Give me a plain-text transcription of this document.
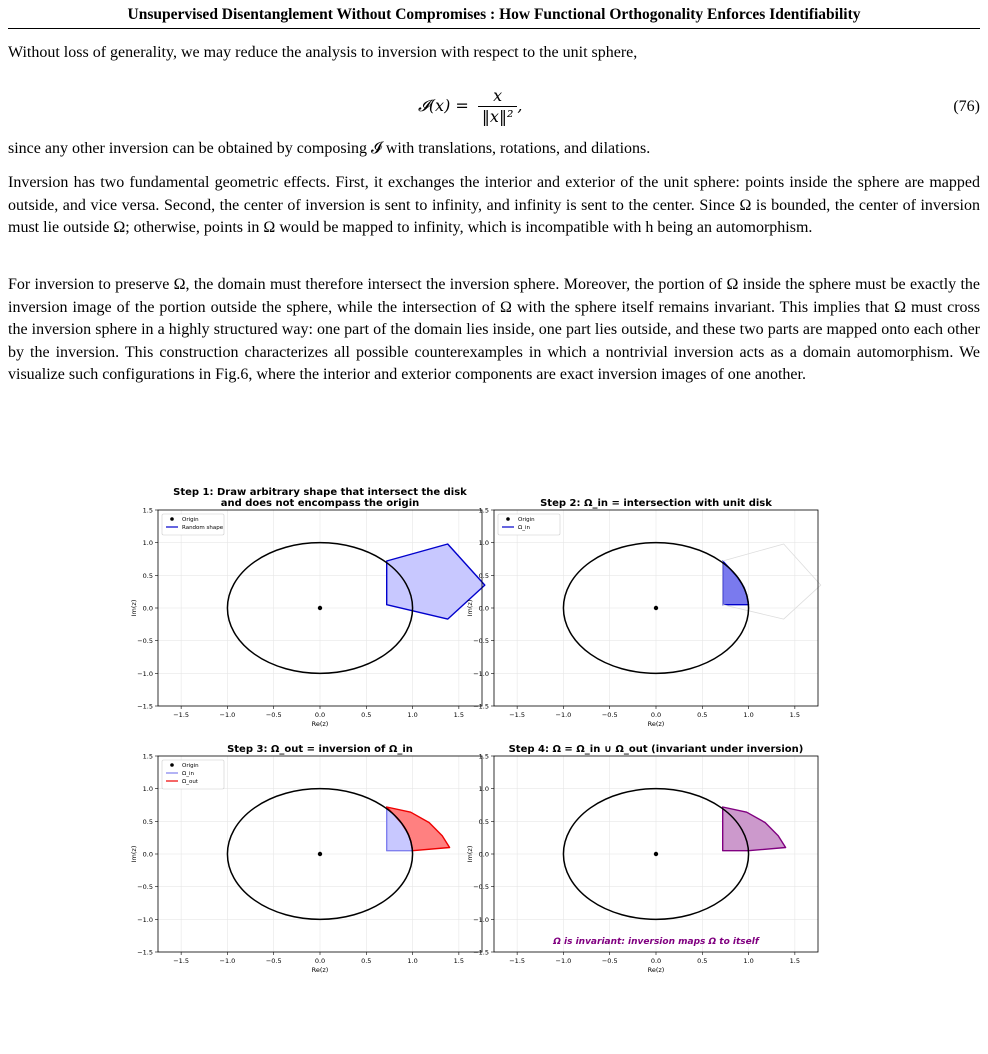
Unsupervised Disentanglement Without Compromises : How Functional Orthogonality Enforces Identifiability
Without loss of generality, we may reduce the analysis to inversion with respect to the unit sphere,
𝓘(x) = $\frac{x}{\text{‖x‖²}}$ ,	(76)
since any other inversion can be obtained by composing 𝓘 with translations, rotations, and dilations.
Inversion has two fundamental geometric effects. First, it exchanges the interior and exterior of the unit sphere: points inside the sphere are mapped outside, and vice versa. Second, the center of inversion is sent to infinity, and infinity is sent to the center. Since Ω is bounded, the center of inversion must lie outside Ω; otherwise, points in Ω would be mapped to infinity, which is incompatible with h being an automorphism.
For inversion to preserve Ω, the domain must therefore intersect the inversion sphere. Moreover, the portion of Ω inside the sphere must be exactly the inversion image of the portion outside the sphere, while the intersection of Ω with the sphere itself remains invariant. This implies that Ω must cross the inversion sphere in a highly structured way: one part of the domain lies inside, one part lies outside, and these two parts are mapped onto each other by the inversion. This construction characterizes all possible counterexamples in which a nontrivial inversion acts as a domain automorphism. We visualize such configurations in Fig.6, where the interior and exterior components are exact inversion images of one another.
Step 1: Draw arbitrary shape that intersect the disk
and does not encompass the origin
−1.5	−1.0	−0.5	0.0	0.5	1.0	1.5
1.5
1.0
0.5
0.0
−0.5
−1.0
−1.5
Re(z)
Im(z)
Origin
Random shape
Step 2: Ω_in = intersection with unit disk
−1.5	−1.0	−0.5	0.0	0.5	1.0	1.5
1.5
1.0
0.5
0.0
−0.5
−1.0
−1.5
Re(z)
Im(z)
Origin
Ω_in
Step 3: Ω_out = inversion of Ω_in
−1.5	−1.0	−0.5	0.0	0.5	1.0	1.5
1.5
1.0
0.5
0.0
−0.5
−1.0
−1.5
Re(z)
Im(z)
Origin
Ω_in
Ω_out
Step 4: Ω = Ω_in ∪ Ω_out (invariant under inversion)
−1.5	−1.0	−0.5	0.0	0.5	1.0	1.5
1.5
1.0
0.5
0.0
−0.5
−1.0
−1.5
Re(z)
Im(z)
Ω is invariant: inversion maps Ω to itself
